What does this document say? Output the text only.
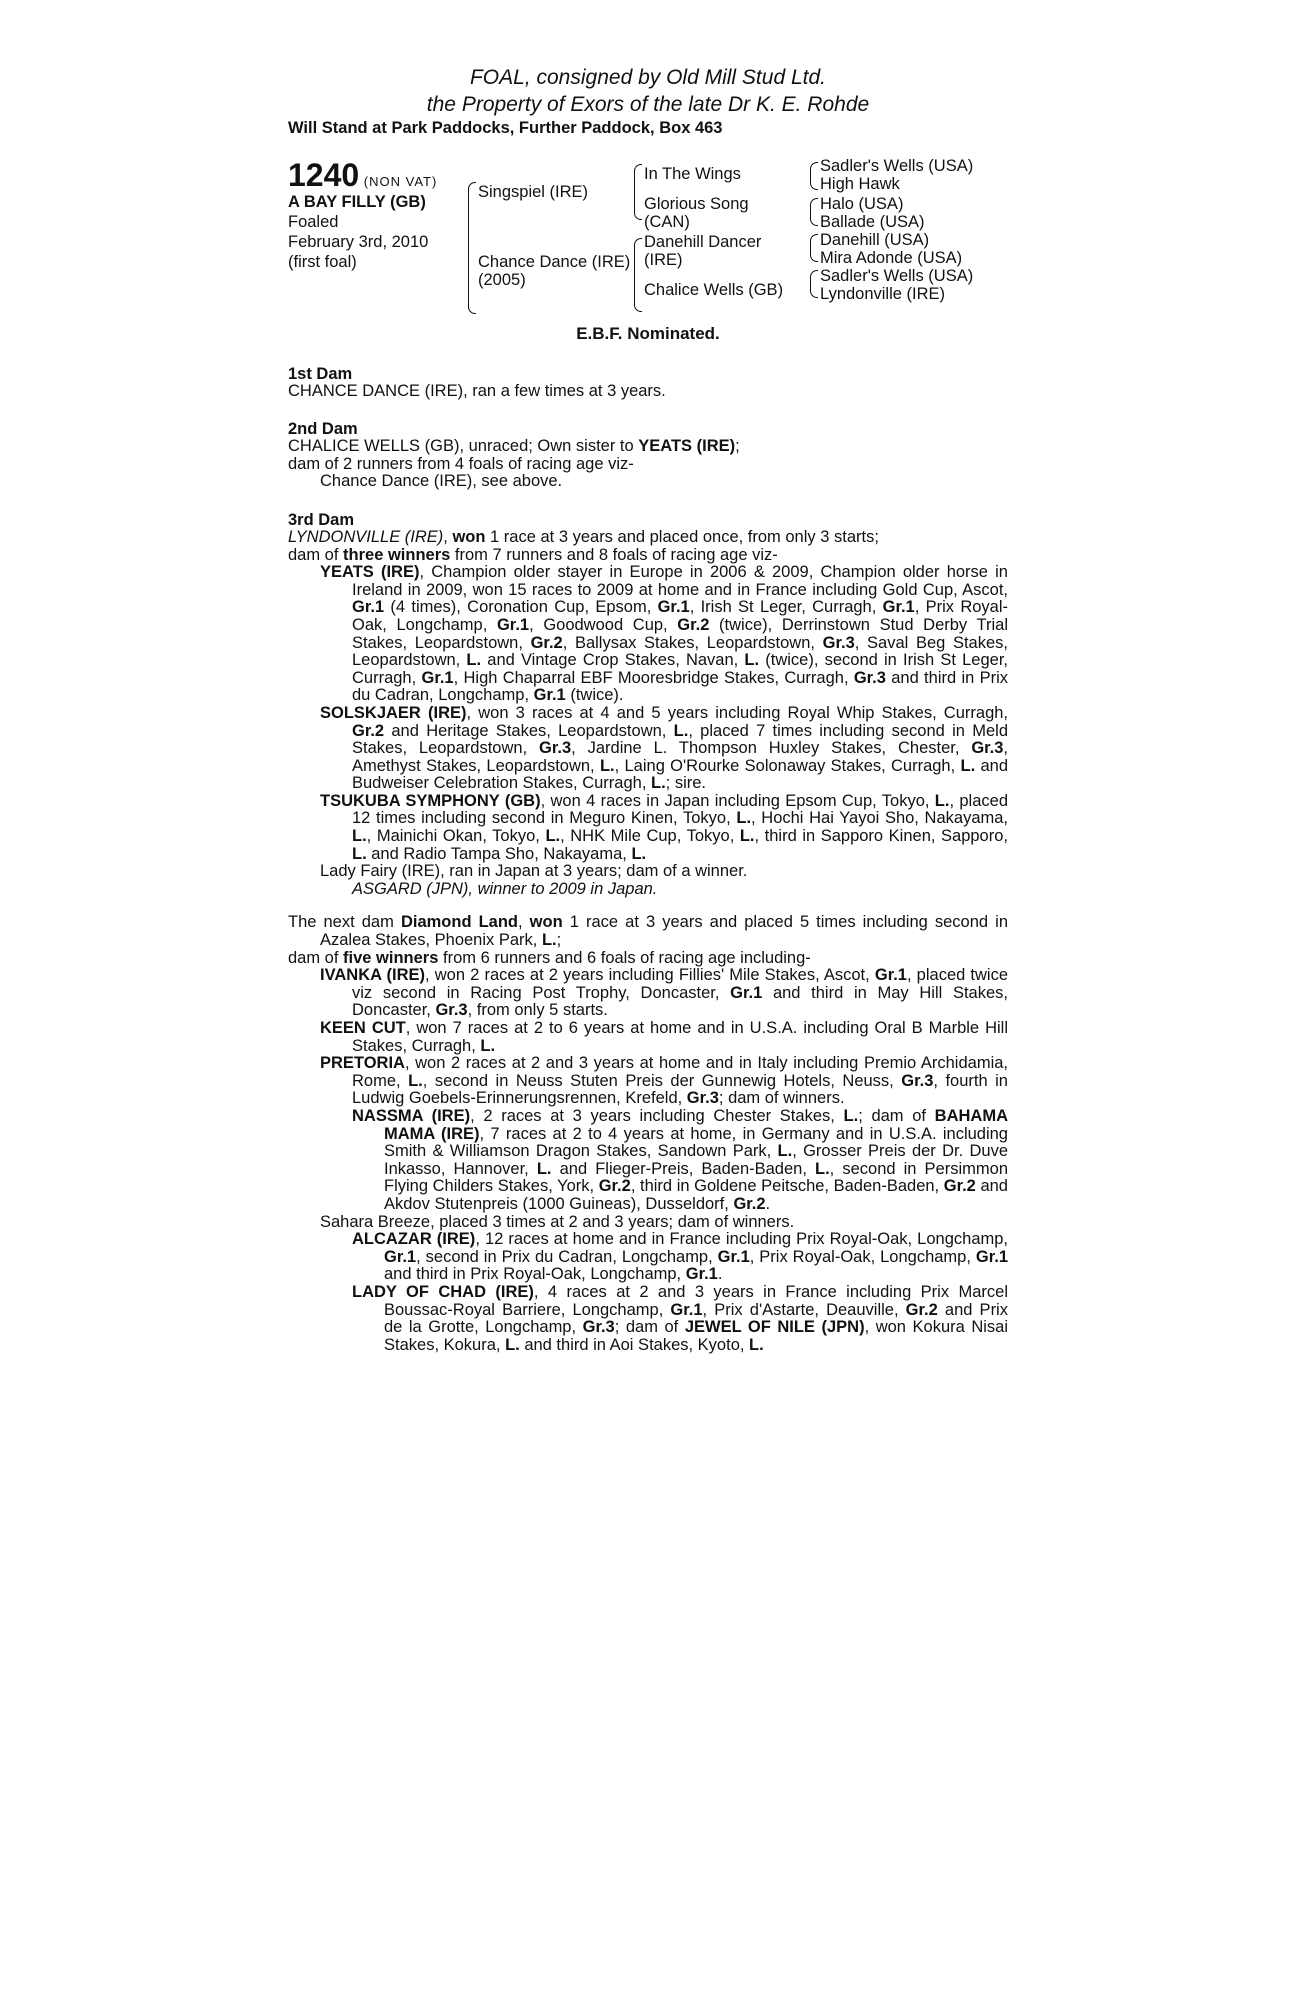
FOAL, consigned by Old Mill Stud Ltd.
the Property of Exors of the late Dr K. E. Rohde
Will Stand at Park Paddocks, Further Paddock, Box 463
1240 (NON VAT)
A BAY FILLY (GB)
Foaled
February 3rd, 2010
(first foal)
Singspiel (IRE)
Chance Dance (IRE)
(2005)
In The Wings
Glorious Song
(CAN)
Danehill Dancer
(IRE)
Chalice Wells (GB)
Sadler's Wells (USA)
High Hawk
Halo (USA)
Ballade (USA)
Danehill (USA)
Mira Adonde (USA)
Sadler's Wells (USA)
Lyndonville (IRE)
E.B.F. Nominated.
1st Dam
CHANCE DANCE (IRE), ran a few times at 3 years.
2nd Dam
CHALICE WELLS (GB), unraced; Own sister to YEATS (IRE);
dam of 2 runners from 4 foals of racing age viz-
Chance Dance (IRE), see above.
3rd Dam
LYNDONVILLE (IRE), won 1 race at 3 years and placed once, from only 3 starts;
dam of three winners from 7 runners and 8 foals of racing age viz-
YEATS (IRE), Champion older stayer in Europe in 2006 & 2009, Champion older horse in Ireland in 2009, won 15 races to 2009 at home and in France including Gold Cup, Ascot, Gr.1 (4 times), Coronation Cup, Epsom, Gr.1, Irish St Leger, Curragh, Gr.1, Prix Royal-Oak, Longchamp, Gr.1, Goodwood Cup, Gr.2 (twice), Derrinstown Stud Derby Trial Stakes, Leopardstown, Gr.2, Ballysax Stakes, Leopardstown, Gr.3, Saval Beg Stakes, Leopardstown, L. and Vintage Crop Stakes, Navan, L. (twice), second in Irish St Leger, Curragh, Gr.1, High Chaparral EBF Mooresbridge Stakes, Curragh, Gr.3 and third in Prix du Cadran, Longchamp, Gr.1 (twice).
SOLSKJAER (IRE), won 3 races at 4 and 5 years including Royal Whip Stakes, Curragh, Gr.2 and Heritage Stakes, Leopardstown, L., placed 7 times including second in Meld Stakes, Leopardstown, Gr.3, Jardine L. Thompson Huxley Stakes, Chester, Gr.3, Amethyst Stakes, Leopardstown, L., Laing O'Rourke Solonaway Stakes, Curragh, L. and Budweiser Celebration Stakes, Curragh, L.; sire.
TSUKUBA SYMPHONY (GB), won 4 races in Japan including Epsom Cup, Tokyo, L., placed 12 times including second in Meguro Kinen, Tokyo, L., Hochi Hai Yayoi Sho, Nakayama, L., Mainichi Okan, Tokyo, L., NHK Mile Cup, Tokyo, L., third in Sapporo Kinen, Sapporo, L. and Radio Tampa Sho, Nakayama, L.
Lady Fairy (IRE), ran in Japan at 3 years; dam of a winner.
ASGARD (JPN), winner to 2009 in Japan.
The next dam Diamond Land, won 1 race at 3 years and placed 5 times including second in Azalea Stakes, Phoenix Park, L.;
dam of five winners from 6 runners and 6 foals of racing age including-
IVANKA (IRE), won 2 races at 2 years including Fillies' Mile Stakes, Ascot, Gr.1, placed twice viz second in Racing Post Trophy, Doncaster, Gr.1 and third in May Hill Stakes, Doncaster, Gr.3, from only 5 starts.
KEEN CUT, won 7 races at 2 to 6 years at home and in U.S.A. including Oral B Marble Hill Stakes, Curragh, L.
PRETORIA, won 2 races at 2 and 3 years at home and in Italy including Premio Archidamia, Rome, L., second in Neuss Stuten Preis der Gunnewig Hotels, Neuss, Gr.3, fourth in Ludwig Goebels-Erinnerungsrennen, Krefeld, Gr.3; dam of winners.
NASSMA (IRE), 2 races at 3 years including Chester Stakes, L.; dam of BAHAMA MAMA (IRE), 7 races at 2 to 4 years at home, in Germany and in U.S.A. including Smith & Williamson Dragon Stakes, Sandown Park, L., Grosser Preis der Dr. Duve Inkasso, Hannover, L. and Flieger-Preis, Baden-Baden, L., second in Persimmon Flying Childers Stakes, York, Gr.2, third in Goldene Peitsche, Baden-Baden, Gr.2 and Akdov Stutenpreis (1000 Guineas), Dusseldorf, Gr.2.
Sahara Breeze, placed 3 times at 2 and 3 years; dam of winners.
ALCAZAR (IRE), 12 races at home and in France including Prix Royal-Oak, Longchamp, Gr.1, second in Prix du Cadran, Longchamp, Gr.1, Prix Royal-Oak, Longchamp, Gr.1 and third in Prix Royal-Oak, Longchamp, Gr.1.
LADY OF CHAD (IRE), 4 races at 2 and 3 years in France including Prix Marcel Boussac-Royal Barriere, Longchamp, Gr.1, Prix d'Astarte, Deauville, Gr.2 and Prix de la Grotte, Longchamp, Gr.3; dam of JEWEL OF NILE (JPN), won Kokura Nisai Stakes, Kokura, L. and third in Aoi Stakes, Kyoto, L.
